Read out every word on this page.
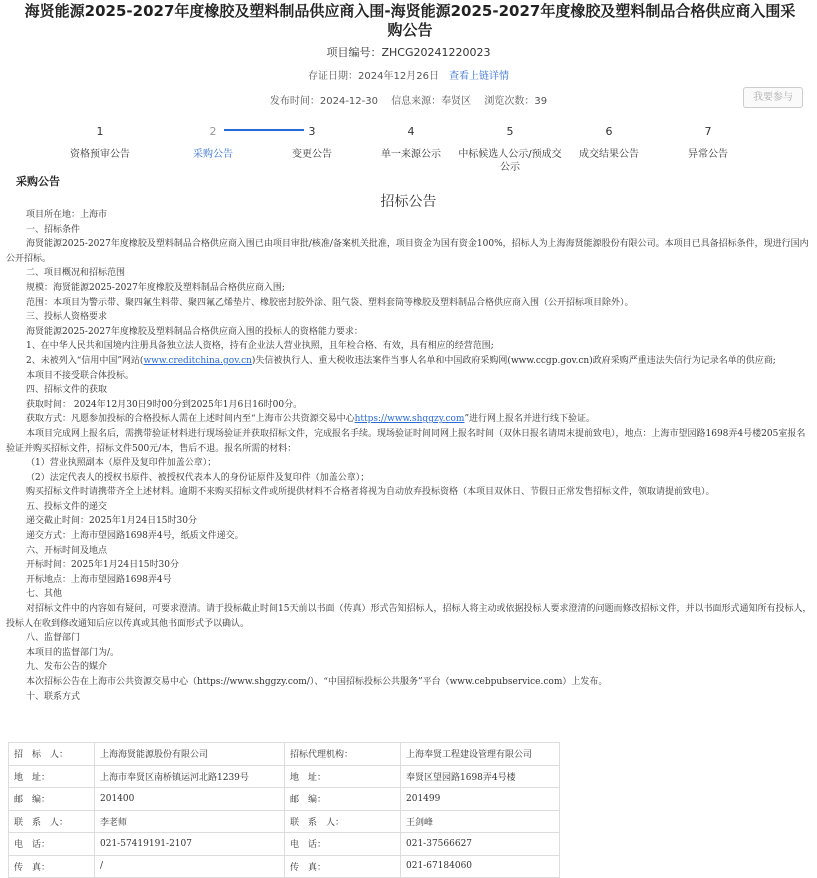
海贤能源2025-2027年度橡胶及塑料制品供应商入围-海贤能源2025-2027年度橡胶及塑料制品合格供应商入围采购公告
项目编号：ZHCG20241220023
存证日期：2024年12月26日 查看上链详情
发布时间：2024-12-30 信息来源：奉贤区 浏览次数：39	我要参与
1
资格预审公告
2
采购公告
3
变更公告
4
单一来源公示
5
中标候选人公示/预成交公示
6
成交结果公告
7
异常公告
采购公告
招标公告

项目所在地：上海市

一、招标条件

海贤能源2025-2027年度橡胶及塑料制品合格供应商入围已由项目审批/核准/备案机关批准，项目资金为国有资金100%，招标人为上海海贤能源股份有限公司。本项目已具备招标条件，现进行国内公开招标。

二、项目概况和招标范围

规模：海贤能源2025-2027年度橡胶及塑料制品合格供应商入围;

范围：本项目为警示带、聚四氟生料带、聚四氟乙烯垫片、橡胶密封胶外涂、阻气袋、塑料套筒等橡胶及塑料制品合格供应商入围（公开招标项目除外）。

三、投标人资格要求

海贤能源2025-2027年度橡胶及塑料制品合格供应商入围的投标人的资格能力要求：

1、在中华人民共和国境内注册具备独立法人资格，持有企业法人营业执照，且年检合格、有效，具有相应的经营范围;

2、未被列入“信用中国”网站(www.creditchina.gov.cn)失信被执行人、重大税收违法案件当事人名单和中国政府采购网(www.ccgp.gov.cn)政府采购严重违法失信行为记录名单的供应商;

本项目不接受联合体投标。

四、招标文件的获取

获取时间： 2024年12月30日9时00分到2025年1月6日16时00分。

获取方式：凡愿参加投标的合格投标人需在上述时间内至“上海市公共资源交易中心https://www.shggzy.com”进行网上报名并进行线下验证。

本项目完成网上报名后，需携带验证材料进行现场验证并获取招标文件，完成报名手续。现场验证时间同网上报名时间（双休日报名请周末提前致电），地点：上海市望园路1698弄4号楼205室报名验证并购买招标文件，招标文件500元/本，售后不退。报名所需的材料：

（1）营业执照副本（原件及复印件加盖公章）；

（2）法定代表人的授权书原件、被授权代表本人的身份证原件及复印件（加盖公章）；

购买招标文件时请携带齐全上述材料。逾期不来购买招标文件或所提供材料不合格者将视为自动放弃投标资格（本项目双休日、节假日正常发售招标文件，领取请提前致电）。

五、投标文件的递交

递交截止时间：2025年1月24日15时30分

递交方式：上海市望园路1698弄4号，纸质文件递交。

六、开标时间及地点

开标时间：2025年1月24日15时30分

开标地点：上海市望园路1698弄4号

七、其他

对招标文件中的内容如有疑问，可要求澄清。请于投标截止时间15天前以书面（传真）形式告知招标人，招标人将主动或依据投标人要求澄清的问题而修改招标文件，并以书面形式通知所有投标人，投标人在收到修改通知后应以传真或其他书面形式予以确认。

八、监督部门

本项目的监督部门为/。

九、发布公告的媒介

本次招标公告在上海市公共资源交易中心（https://www.shggzy.com/）、“中国招标投标公共服务”平台（www.cebpubservice.com）上发布。

十、联系方式

招　标　人：	上海海贤能源股份有限公司	招标代理机构：	上海奉贤工程建设管理有限公司
地　址：	上海市奉贤区南桥镇运河北路1239号	地　址：	奉贤区望园路1698弄4号楼
邮　编：	201400	邮　编：	201499
联　系　人：	李老师	联　系　人：	王剑峰
电　话：	021-57419191-2107	电　话：	021-37566627
传　真：	/	传　真：	021-67184060
